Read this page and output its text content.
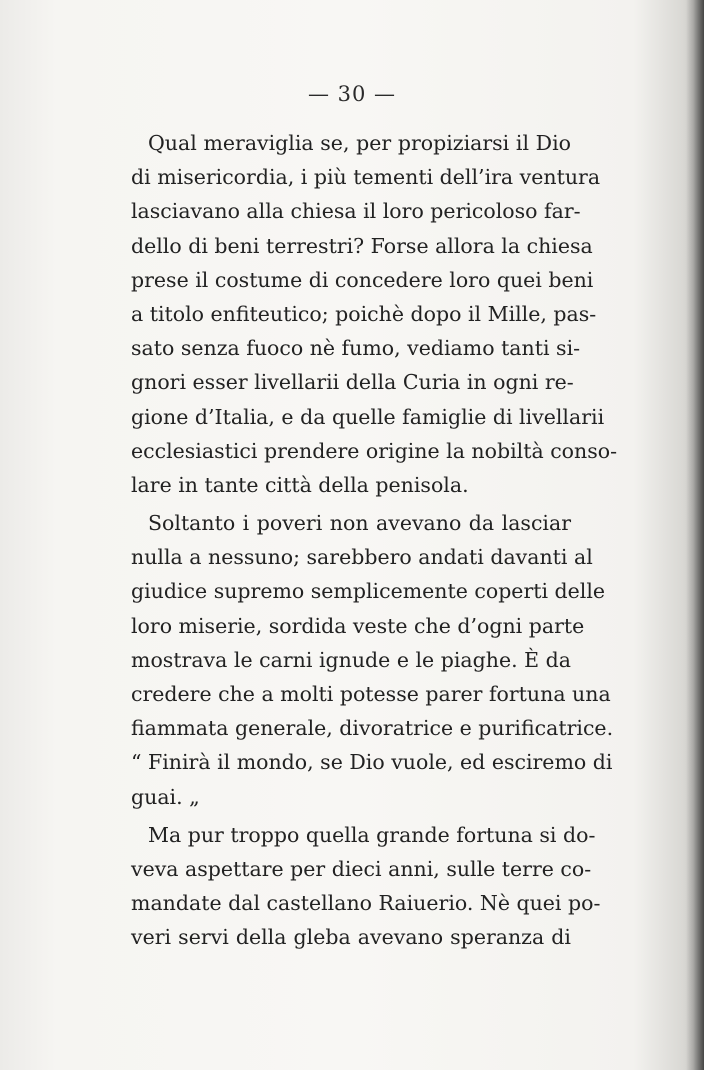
— 30 —
Qual meraviglia se, per propiziarsi il Dio
di misericordia, i più tementi dell’ira ventura
lasciavano alla chiesa il loro pericoloso far-
dello di beni terrestri? Forse allora la chiesa
prese il costume di concedere loro quei beni
a titolo enfiteutico; poichè dopo il Mille, pas-
sato senza fuoco nè fumo, vediamo tanti si-
gnori esser livellarii della Curia in ogni re-
gione d’Italia, e da quelle famiglie di livellarii
ecclesiastici prendere origine la nobiltà conso-
lare in tante città della penisola.
Soltanto i poveri non avevano da lasciar
nulla a nessuno; sarebbero andati davanti al
giudice supremo semplicemente coperti delle
loro miserie, sordida veste che d’ogni parte
mostrava le carni ignude e le piaghe. È da
credere che a molti potesse parer fortuna una
fiammata generale, divoratrice e purificatrice.
“ Finirà il mondo, se Dio vuole, ed esciremo di
guai. „
Ma pur troppo quella grande fortuna si do-
veva aspettare per dieci anni, sulle terre co-
mandate dal castellano Raiuerio. Nè quei po-
veri servi della gleba avevano speranza di
